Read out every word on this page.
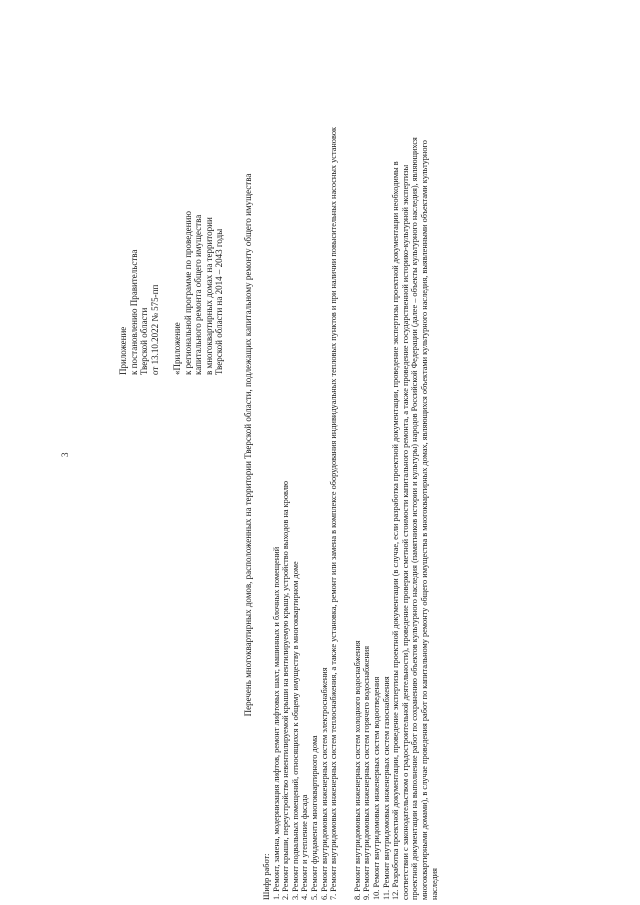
3
Приложение к постановлению Правительства Тверской области от 13.10.2022 № 575-пп «Приложение к региональной программе по проведению капитального ремонта общего имущества в многоквартирных домах на территории Тверской области на 2014 – 2043 годы Перечень многоквартирных домов, расположенных на территории Тверской области, подлежащих капитальному ремонту общего имущества
Шифр работ: 1. Ремонт, замена, модернизация лифтов, ремонт лифтовых шахт, машинных и блочных помещений 2. Ремонт крыши, переустройство невентилируемой крыши на вентилируемую крышу, устройство выходов на кровлю 3. Ремонт подвальных помещений, относящихся к общему имуществу в многоквартирном доме 4. Ремонт и утепление фасада 5. Ремонт фундамента многоквартирного дома 6. Ремонт внутридомовых инженерных систем электроснабжения 7. Ремонт внутридомовых инженерных систем теплоснабжения, а также установка, ремонт или замена в комплексе оборудования индивидуальных тепловых пунктов и при наличии повысительных насосных установок 8. Ремонт внутридомовых инженерных систем холодного водоснабжения 9. Ремонт внутридомовых инженерных систем горячего водоснабжения 10. Ремонт внутридомовых инженерных систем водоотведения 11. Ремонт внутридомовых инженерных систем газоснабжения 12. Разработка проектной документации, проведение экспертизы проектной документации (в случае, если разработка проектной документации, проведение экспертизы проектной документации необходимы в соответствии с законодательством о градостроительной деятельности), проведение проверки сметной стоимости капитального ремонта, а также проведение государственной историко-культурной экспертизы проектной документации на выполнение работ по сохранению объектов культурного наследия (памятников истории и культуры) народов Российской Федерации (далее – объекты культурного наследия), являющихся многоквартирными домами), в случае проведения работ по капитальному ремонту общего имущества в многоквартирных домах, являющихся объектами культурного наследия, выявленными объектами культурного наследия
